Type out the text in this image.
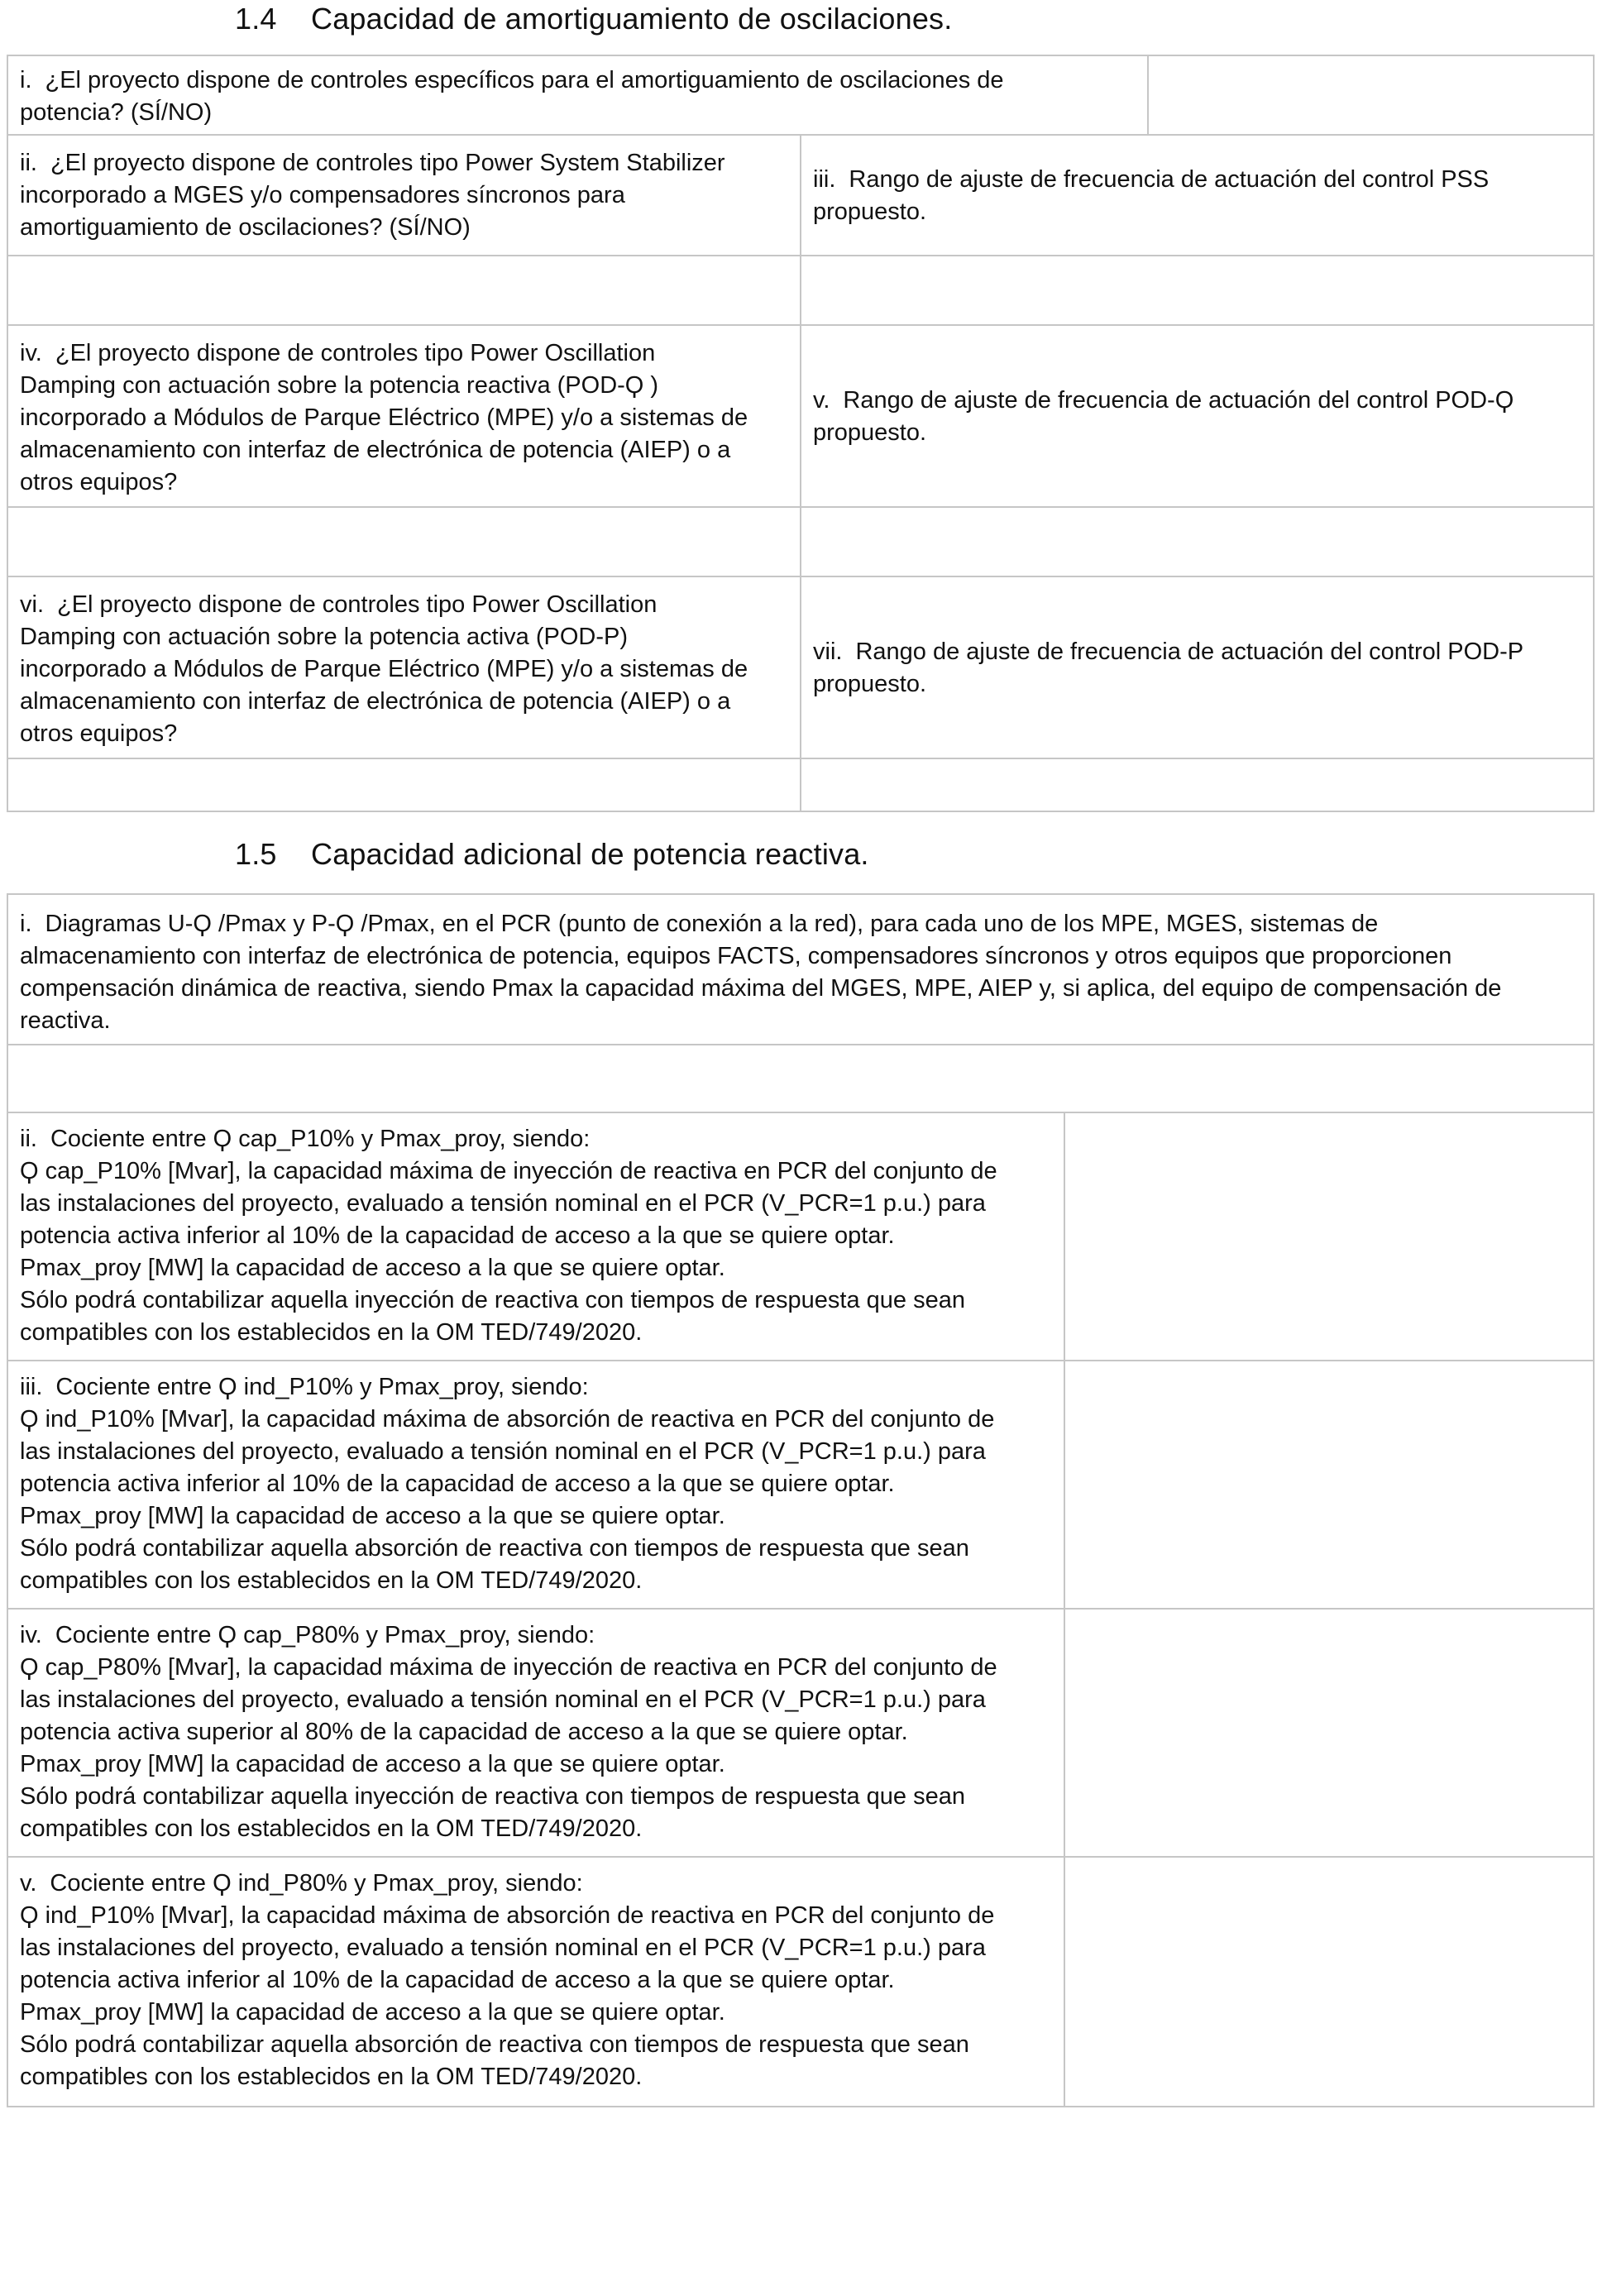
1.4 Capacidad de amortiguamiento de oscilaciones.
i. ¿El proyecto dispone de controles específicos para el amortiguamiento de oscilaciones de
potencia? (SÍ/NO)
ii. ¿El proyecto dispone de controles tipo Power System Stabilizer
incorporado a MGES y/o compensadores síncronos para
amortiguamiento de oscilaciones? (SÍ/NO)
iii. Rango de ajuste de frecuencia de actuación del control PSS
propuesto.
iv. ¿El proyecto dispone de controles tipo Power Oscillation
Damping con actuación sobre la potencia reactiva (POD-Ϙ )
incorporado a Módulos de Parque Eléctrico (MPE) y/o a sistemas de
almacenamiento con interfaz de electrónica de potencia (AIEP) o a
otros equipos?
v. Rango de ajuste de frecuencia de actuación del control POD-Ϙ
propuesto.
vi. ¿El proyecto dispone de controles tipo Power Oscillation
Damping con actuación sobre la potencia activa (POD-P)
incorporado a Módulos de Parque Eléctrico (MPE) y/o a sistemas de
almacenamiento con interfaz de electrónica de potencia (AIEP) o a
otros equipos?
vii. Rango de ajuste de frecuencia de actuación del control POD-P
propuesto.
1.5 Capacidad adicional de potencia reactiva.
i. Diagramas U-Ϙ /Pmax y P-Ϙ /Pmax, en el PCR (punto de conexión a la red), para cada uno de los MPE, MGES, sistemas de
almacenamiento con interfaz de electrónica de potencia, equipos FACTS, compensadores síncronos y otros equipos que proporcionen
compensación dinámica de reactiva, siendo Pmax la capacidad máxima del MGES, MPE, AIEP y, si aplica, del equipo de compensación de
reactiva.
ii. Cociente entre Ϙ cap_P10% y Pmax_proy, siendo:
Ϙ cap_P10% [Mvar], la capacidad máxima de inyección de reactiva en PCR del conjunto de
las instalaciones del proyecto, evaluado a tensión nominal en el PCR (V_PCR=1 p.u.) para
potencia activa inferior al 10% de la capacidad de acceso a la que se quiere optar.
Pmax_proy [MW] la capacidad de acceso a la que se quiere optar.
Sólo podrá contabilizar aquella inyección de reactiva con tiempos de respuesta que sean
compatibles con los establecidos en la OM TED/749/2020.
iii. Cociente entre Ϙ ind_P10% y Pmax_proy, siendo:
Ϙ ind_P10% [Mvar], la capacidad máxima de absorción de reactiva en PCR del conjunto de
las instalaciones del proyecto, evaluado a tensión nominal en el PCR (V_PCR=1 p.u.) para
potencia activa inferior al 10% de la capacidad de acceso a la que se quiere optar.
Pmax_proy [MW] la capacidad de acceso a la que se quiere optar.
Sólo podrá contabilizar aquella absorción de reactiva con tiempos de respuesta que sean
compatibles con los establecidos en la OM TED/749/2020.
iv. Cociente entre Ϙ cap_P80% y Pmax_proy, siendo:
Ϙ cap_P80% [Mvar], la capacidad máxima de inyección de reactiva en PCR del conjunto de
las instalaciones del proyecto, evaluado a tensión nominal en el PCR (V_PCR=1 p.u.) para
potencia activa superior al 80% de la capacidad de acceso a la que se quiere optar.
Pmax_proy [MW] la capacidad de acceso a la que se quiere optar.
Sólo podrá contabilizar aquella inyección de reactiva con tiempos de respuesta que sean
compatibles con los establecidos en la OM TED/749/2020.
v. Cociente entre Ϙ ind_P80% y Pmax_proy, siendo:
Ϙ ind_P10% [Mvar], la capacidad máxima de absorción de reactiva en PCR del conjunto de
las instalaciones del proyecto, evaluado a tensión nominal en el PCR (V_PCR=1 p.u.) para
potencia activa inferior al 10% de la capacidad de acceso a la que se quiere optar.
Pmax_proy [MW] la capacidad de acceso a la que se quiere optar.
Sólo podrá contabilizar aquella absorción de reactiva con tiempos de respuesta que sean
compatibles con los establecidos en la OM TED/749/2020.
